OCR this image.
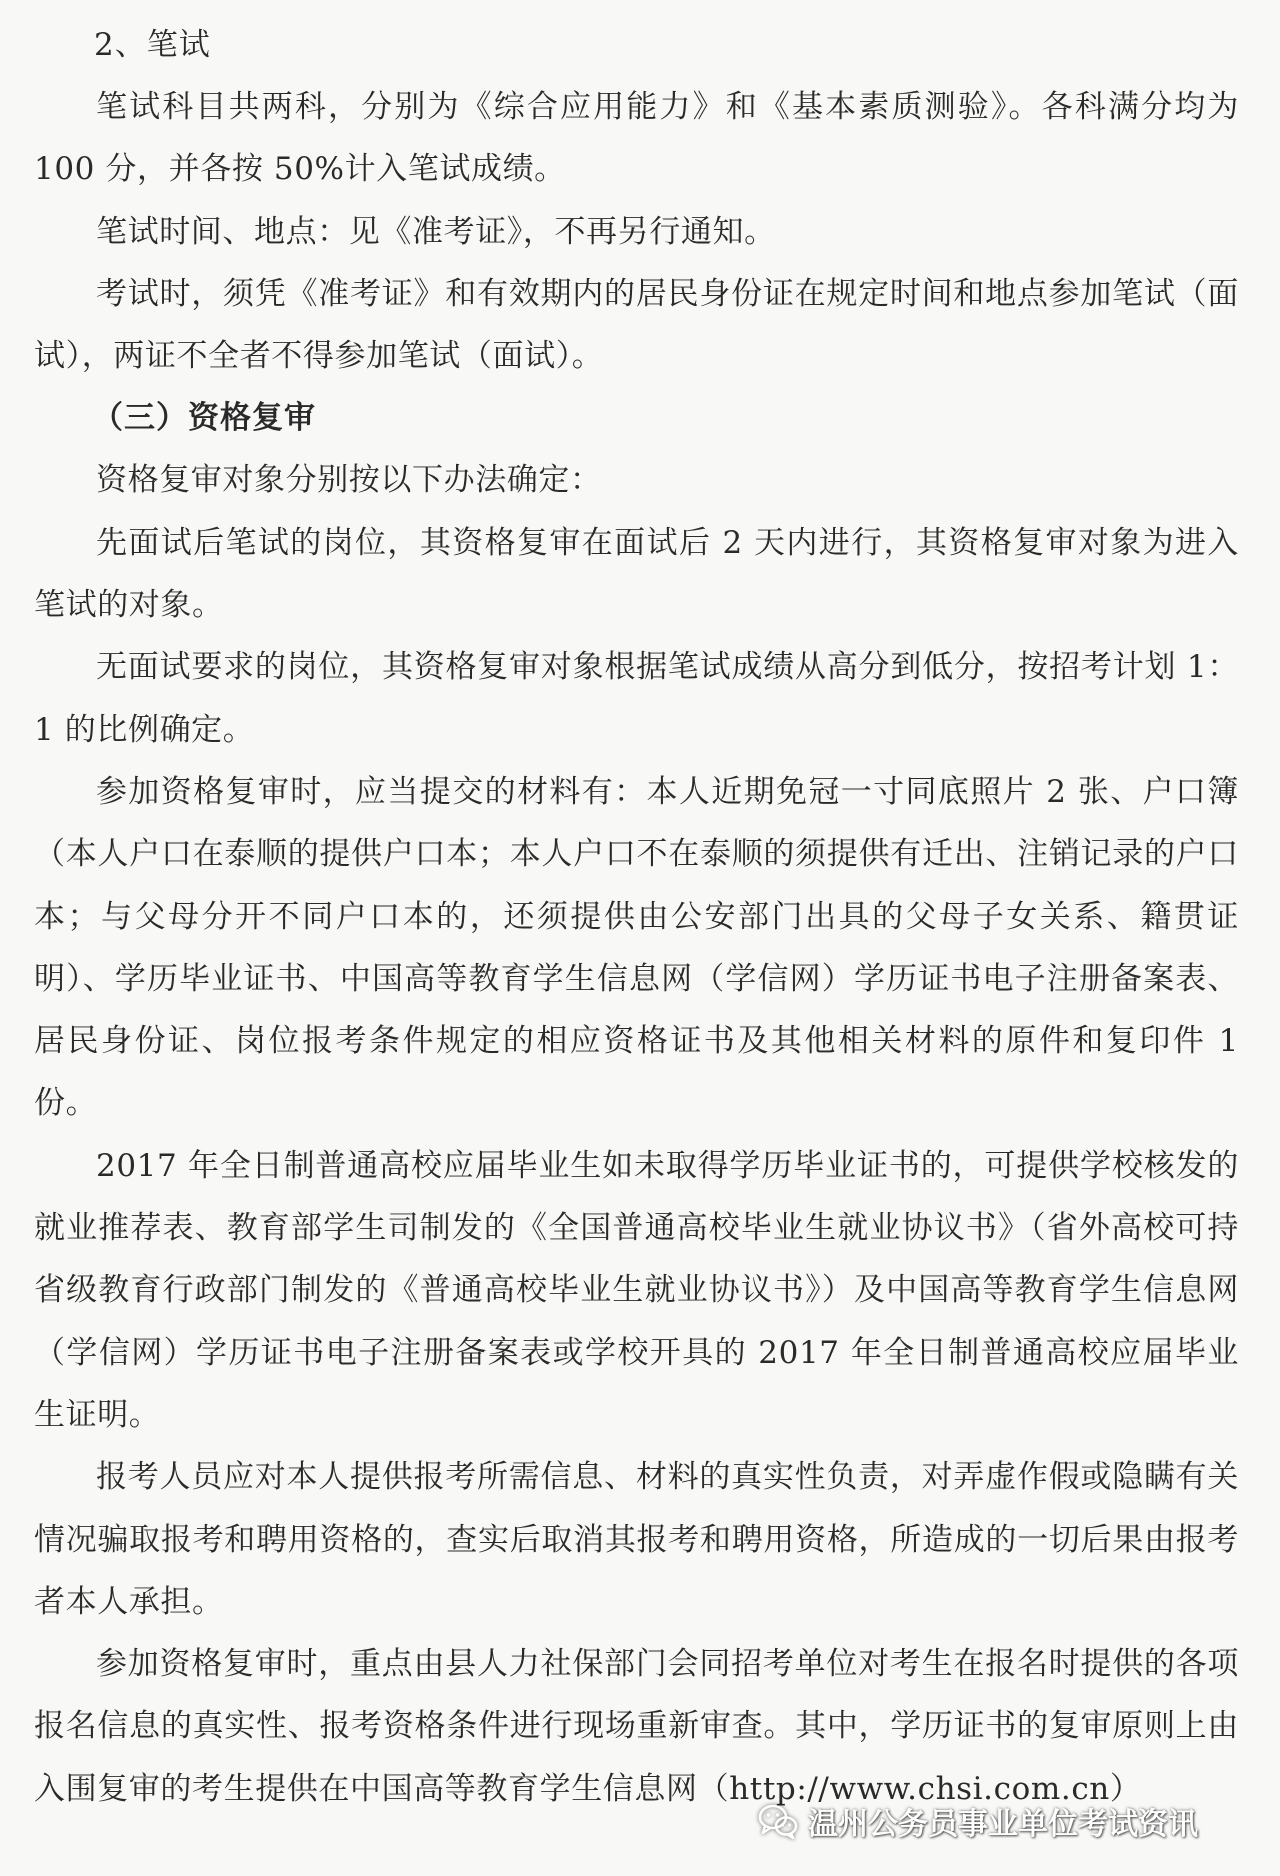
2、笔试

笔试科目共两科，分别为《综合应用能力》和《基本素质测验》。各科满分均为100 分，并各按 50%计入笔试成绩。

笔试时间、地点：见《准考证》，不再另行通知。

考试时，须凭《准考证》和有效期内的居民身份证在规定时间和地点参加笔试（面试），两证不全者不得参加笔试（面试）。

（三）资格复审

资格复审对象分别按以下办法确定：

先面试后笔试的岗位，其资格复审在面试后 2 天内进行，其资格复审对象为进入笔试的对象。

无面试要求的岗位，其资格复审对象根据笔试成绩从高分到低分，按招考计划 1：1 的比例确定。

参加资格复审时，应当提交的材料有：本人近期免冠一寸同底照片 2 张、户口簿（本人户口在泰顺的提供户口本；本人户口不在泰顺的须提供有迁出、注销记录的户口本；与父母分开不同户口本的，还须提供由公安部门出具的父母子女关系、籍贯证明）、学历毕业证书、中国高等教育学生信息网（学信网）学历证书电子注册备案表、居民身份证、岗位报考条件规定的相应资格证书及其他相关材料的原件和复印件 1 份。

2017 年全日制普通高校应届毕业生如未取得学历毕业证书的，可提供学校核发的就业推荐表、教育部学生司制发的《全国普通高校毕业生就业协议书》（省外高校可持省级教育行政部门制发的《普通高校毕业生就业协议书》）及中国高等教育学生信息网（学信网）学历证书电子注册备案表或学校开具的 2017 年全日制普通高校应届毕业生证明。

报考人员应对本人提供报考所需信息、材料的真实性负责，对弄虚作假或隐瞒有关情况骗取报考和聘用资格的，查实后取消其报考和聘用资格，所造成的一切后果由报考者本人承担。

参加资格复审时，重点由县人力社保部门会同招考单位对考生在报名时提供的各项报名信息的真实性、报考资格条件进行现场重新审查。其中，学历证书的复审原则上由入围复审的考生提供在中国高等教育学生信息网（http://www.chsi.com.cn）

温州公务员事业单位考试资讯
